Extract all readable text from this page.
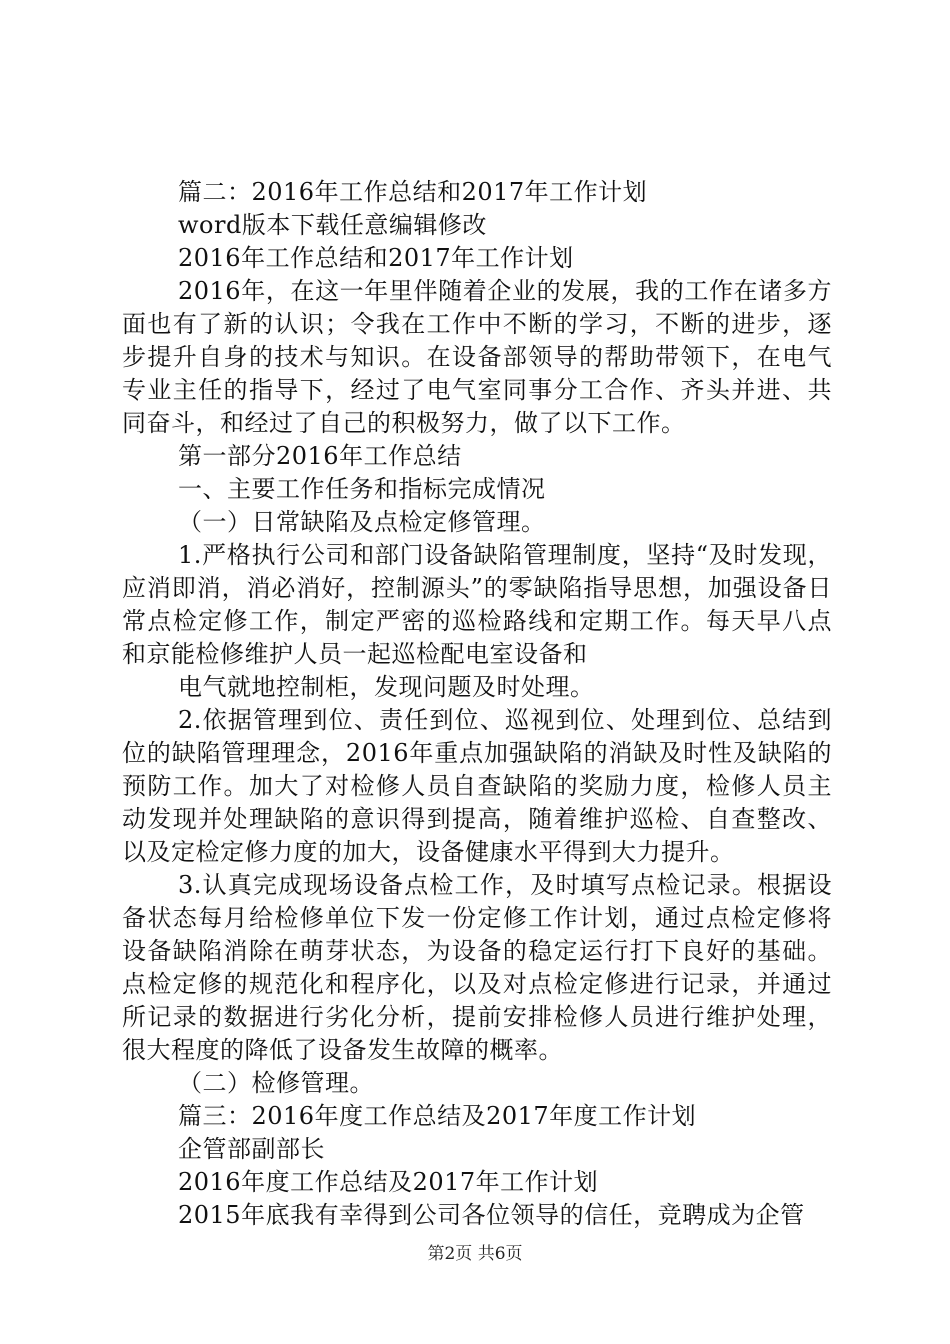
篇二：2016年工作总结和2017年工作计划

word版本下载任意编辑修改

2016年工作总结和2017年工作计划

2016年，在这一年里伴随着企业的发展，我的工作在诸多方面也有了新的认识；令我在工作中不断的学习，不断的进步，逐步提升自身的技术与知识。在设备部领导的帮助带领下，在电气专业主任的指导下，经过了电气室同事分工合作、齐头并进、共同奋斗，和经过了自己的积极努力，做了以下工作。

第一部分2016年工作总结

一、主要工作任务和指标完成情况

（一）日常缺陷及点检定修管理。

1.严格执行公司和部门设备缺陷管理制度，坚持“及时发现，应消即消，消必消好，控制源头”的零缺陷指导思想，加强设备日常点检定修工作，制定严密的巡检路线和定期工作。每天早八点和京能检修维护人员一起巡检配电室设备和

电气就地控制柜，发现问题及时处理。

2.依据管理到位、责任到位、巡视到位、处理到位、总结到位的缺陷管理理念，2016年重点加强缺陷的消缺及时性及缺陷的预防工作。加大了对检修人员自查缺陷的奖励力度，检修人员主动发现并处理缺陷的意识得到提高，随着维护巡检、自查整改、以及定检定修力度的加大，设备健康水平得到大力提升。

3.认真完成现场设备点检工作，及时填写点检记录。根据设备状态每月给检修单位下发一份定修工作计划，通过点检定修将设备缺陷消除在萌芽状态，为设备的稳定运行打下良好的基础。点检定修的规范化和程序化，以及对点检定修进行记录，并通过所记录的数据进行劣化分析，提前安排检修人员进行维护处理，很大程度的降低了设备发生故障的概率。

（二）检修管理。

篇三：2016年度工作总结及2017年度工作计划

企管部副部长

2016年度工作总结及2017年工作计划

2015年底我有幸得到公司各位领导的信任，竞聘成为企管

第2页 共6页
